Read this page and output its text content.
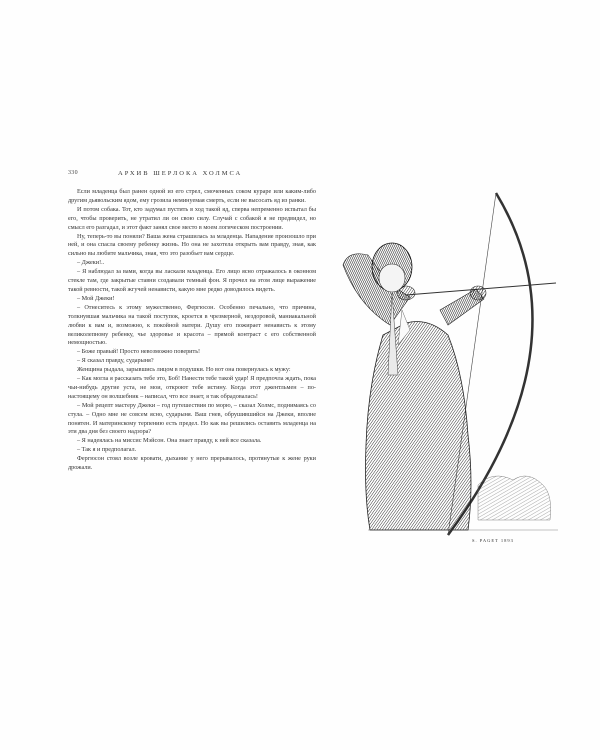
330	АРХИВ ШЕРЛОКА ХОЛМСА

Если младенца был ранен одной из его стрел, смоченных соком кураре или каким-либо другим дьявольским ядом, ему грозила неминуемая смерть, если не высосать яд из ранки.

И потом собака. Тот, кто задумал пустить в ход такой яд, сперва непременно испытал бы его, чтобы проверить, не утратил ли он свою силу. Случай с собакой я не предвидел, но смысл его разгадал, и этот факт занял свое место в моем логическом построении.

Ну, теперь-то вы поняли? Ваша жена страшилась за младенца. Нападение произошло при ней, и она спасла своему ребенку жизнь. Но она не захотела открыть вам правду, зная, как сильно вы любите мальчика, зная, что это разобьет вам сердце.

– Джеки!..

– Я наблюдал за вами, когда вы ласкали младенца. Его лицо ясно отражалось в оконном стекле там, где закрытые ставни создавали темный фон. Я прочел на этом лице выражение такой ревности, такой жгучей ненависти, какую мне редко доводилось видеть.

– Мой Джеки!

– Отнеситесь к этому мужественно, Фергюсон. Особенно печально, что причина, толкнувшая мальчика на такой поступок, кроется в чрезмерной, нездоровой, маниакальной любви к вам и, возможно, к покойной матери. Душу его пожирает ненависть к этому великолепному ребенку, чье здоровье и красота – прямой контраст с его собственной немощностью.

– Боже правый! Просто невозможно поверить!

– Я сказал правду, сударыня?

Женщина рыдала, зарывшись лицом в подушки. Но вот она повернулась к мужу:

– Как могла я рассказать тебе это, Боб! Нанести тебе такой удар! Я предпочла ждать, пока чьи-нибудь другие уста, не мои, откроют тебе истину. Когда этот джентльмен – по-настоящему он волшебник – написал, что все знает, я так обрадовалась!

– Мой рецепт мастеру Джеки – год путешествия по морю, – сказал Холмс, поднимаясь со стула. – Одно мне не совсем ясно, сударыня. Ваш гнев, обрушившийся на Джеки, вполне понятен. И материнскому терпению есть предел. Но как вы решились оставить младенца на эти два дня без своего надзора?

– Я надеялась на миссис Мэйсон. Она знает правду, к ней все сказала.

– Так я и предполагал.

Фергюсон стоял возле кровати, дыхание у него прерывалось, протянутые к жене руки дрожали.

S. PAGET 1893
